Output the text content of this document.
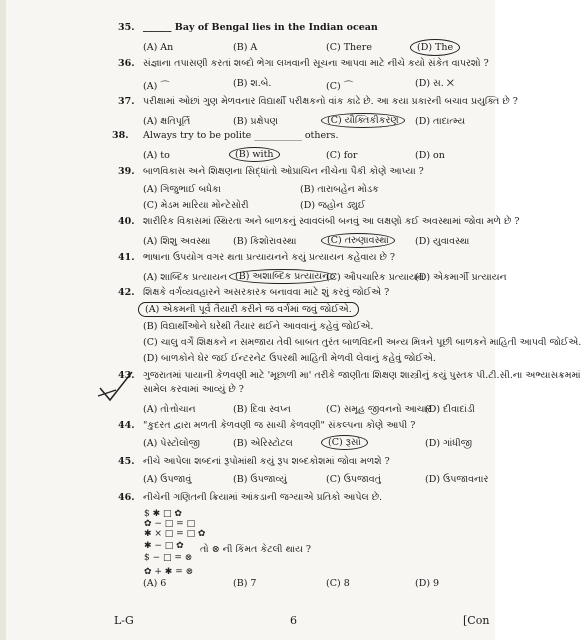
35. ______ Bay of Bengal lies in the Indian ocean
(A) An	(B) A	(C) There	(D) The
36. સંજ્ઞાના તપાસણી કરતાં શબ્દો ભેગા લખવાની સૂચના આપવા માટે નીચે કયો સંકેત વાપરશો ?
(A) ⌒	(B) શ.બે.	(C) ⌒	(D) સ. ✕
37. પરીક્ષામાં ઓછાં ગુણ મેળવનાર વિદ્યાર્થી પરીક્ષકનો વાંક કાઢે છે. આ કયા પ્રકારની બચાવ પ્રયુક્તિ છે ?
(A) ક્ષતિપૂર્તિ	(B) પ્રક્ષેપણ	(C) યૌક્તિકીકરણ	(D) તાદાત્મ્ય
38.	Always try to be polite __________ others.
(A) to	(B) with	(C) for	(D) on
39. બાળવિકાસ અને શિક્ષણના સિદ્ધાંતો ઓપ્રાચિન નીચેના પૈકી કોણે આપ્યા ?
(A) ગિજુભાઈ બધેકા	(B) તારાબહેન મોડક
(C) મેડમ મારિયા મોન્ટેસોરી	(D) જહોન ડ્યુઈ
40. શારીરિક વિકાસમાં સ્થિરતા અને બાળકનું સ્વાવલંબી બનવું આ લક્ષણો કઈ અવસ્થામાં જોવા મળે છે ?
(A) શિશુ અવસ્થા (B) કિશોરાવસ્થા	(C) તરુણાવસ્થા	(D) યુવાવસ્થા
41. ભાષાના ઉપયોગ વગર થતા પ્રત્યાયનને કયું પ્રત્યાયન કહેવાય છે ?
(A) શાબ્દિક પ્રત્યાયન (B) અશાબ્દિક પ્રત્યાયન
(C) ઔપચારિક પ્રત્યાયન
(D) એકમાર્ગી પ્રત્યાયન
42. શિક્ષકે વર્ગવ્યવહારને અસરકારક બનાવવા માટે શું કરવું જોઈએ ?
(A) એકમની પૂર્વ તૈયારી કરીને જ વર્ગમાં જવું જોઈએ.
(B) વિદ્યાર્થીઓને ઘરેથી તૈયાર થઈને આવવાનું કહેવું જોઈએ.
(C) ચાલુ વર્ગે શિક્ષકને ન સમજાય તેવી બાબત તુરંત બાળવિદની અન્ય મિત્રને પૂછી બાળકને માહિતી આપવી જોઈએ.
(D) બાળકોને ઘેર જઈ ઈન્ટરનેટ ઉપરથી માહિતી મેળવી લેવાનું કહેવું જોઈએ.
43. ગુજરાતમાં પાયાની કેળવણી માટે 'મૂછાળી મા' તરીકે જાણીતા શિક્ષણ શાસ્ત્રીનું કયું પુસ્તક પી.ટી.સી.ના અભ્યાસક્રમમાં
સામેલ કરવામાં આવ્યું છે ?
(A) તોત્તોચાન	(B) દિવા સ્વપ્ન	(C) સમૂહ જીવનનો આચાર
(D) દીવાદાંડી
44. "કુદરત દ્વારા મળતી કેળવણી જ સાચી કેળવણી" સંકલ્પના કોણે આપી ?
(A) પેસ્ટોલોજી	(B) એરિસ્ટોટલ	(C) રૂસો	(D) ગાંધીજી
45. નીચે આપેલા શબ્દનાં રૂપોમાંથી કયું રૂપ શબ્દકોશમાં જોવા મળશે ?
(A) ઉપજાવું	(B) ઉપજાવ્યું	(C) ઉપજાવતું	(D) ઉપજાવનાર
46. નીચેની ગણિતની ક્રિયામાં આંકડાની જગ્યાએ પ્રતિકો આપેલ છે.
$ ✱ □ ✿
✿ − □ = □
✱ × □ = □ ✿
✱ − □ ✿
$ − □ = ⊗
✿ + ✱ = ⊗
તો ⊗ ની કિંમત કેટલી થાય ?
(A) 6	(B) 7	(C) 8	(D) 9
L-G	6	[Con
